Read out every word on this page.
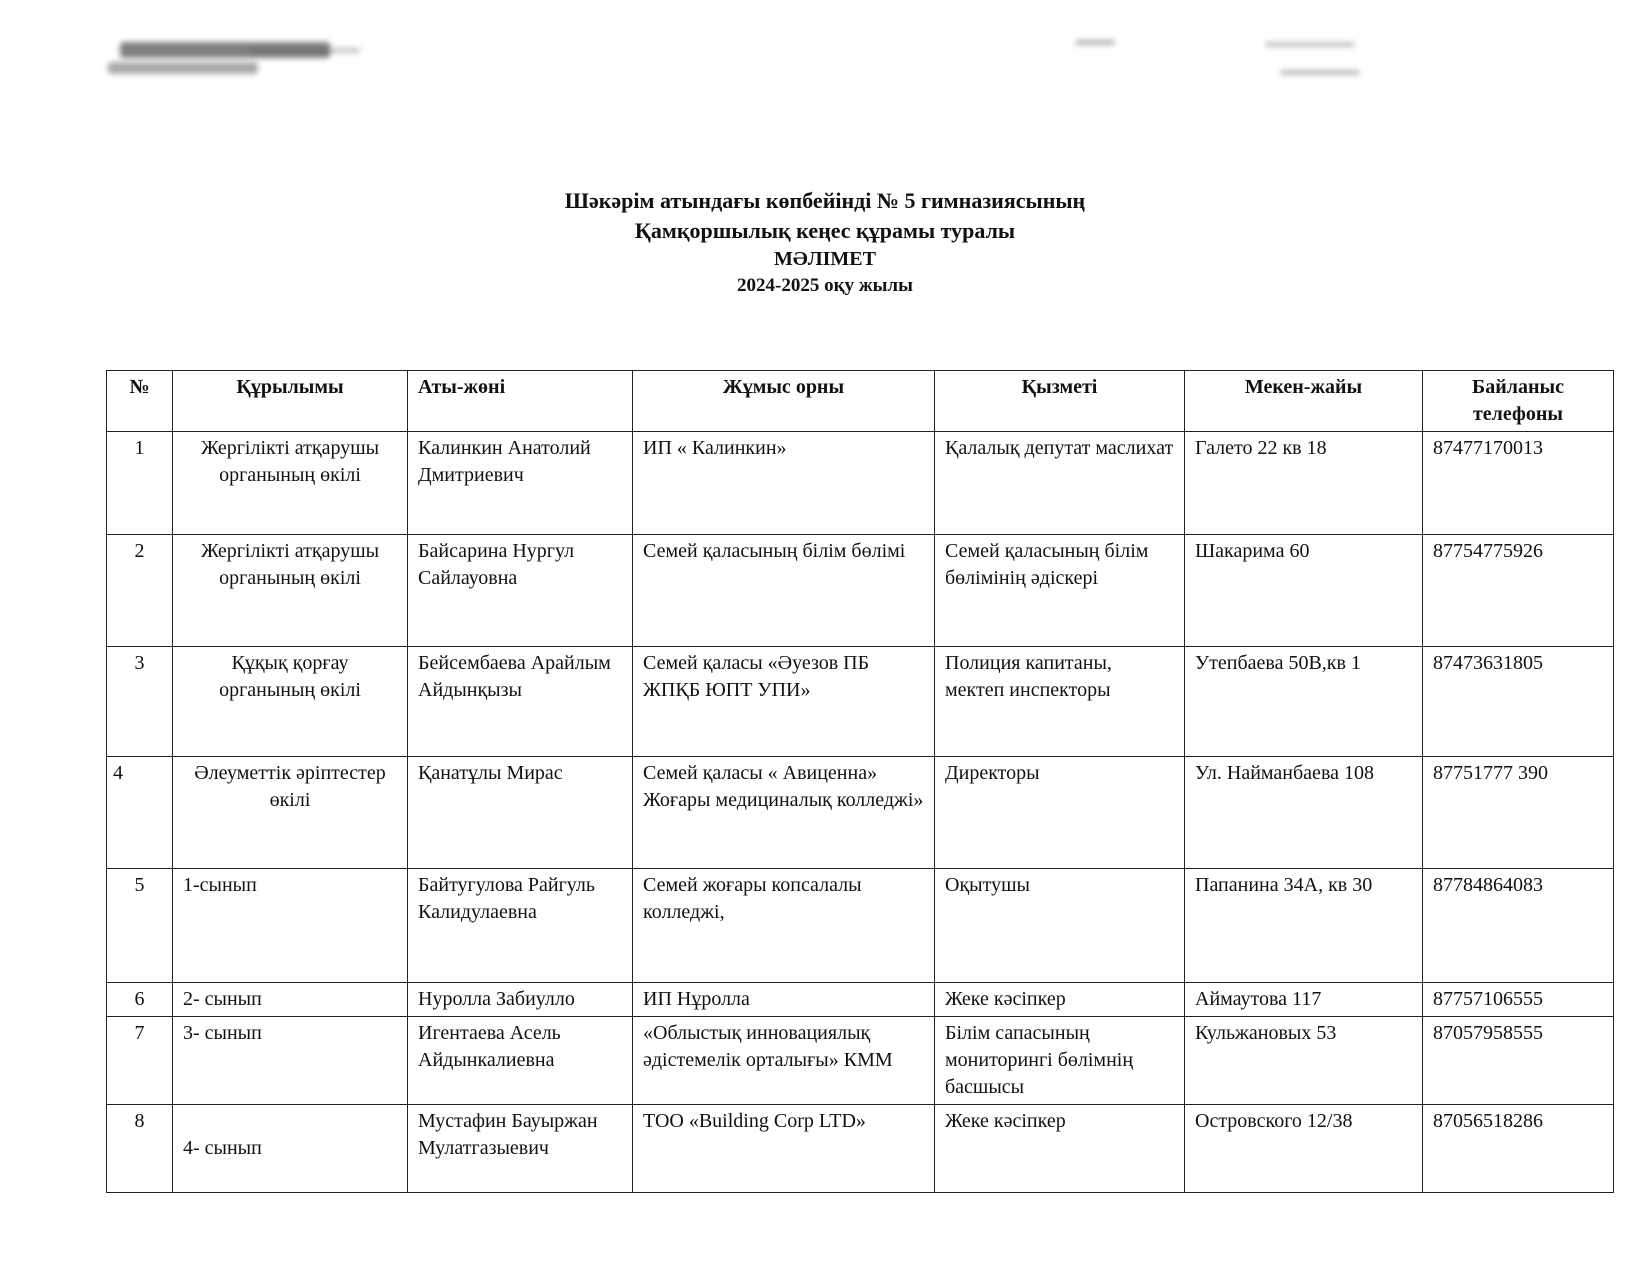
Шәкәрім атындағы көпбейінді № 5 гимназиясының
Қамқоршылық кеңес құрамы туралы
МӘЛІМЕТ
2024-2025 оқу жылы
№	Құрылымы	Аты-жөні	Жұмыс орны	Қызметі	Мекен-жайы	Байланыс телефоны
1	Жергілікті атқарушы органының өкілі	Калинкин Анатолий Дмитриевич	ИП « Калинкин»	Қалалық депутат маслихат	Галето 22 кв 18	87477170013
2	Жергілікті атқарушы органының өкілі	Байсарина Нургул Сайлауовна	Семей қаласының білім бөлімі	Семей қаласының білім бөлімінің әдіскері	Шакарима 60	87754775926
3	Құқық қорғау органының өкілі	Бейсембаева Арайлым Айдынқызы	Семей қаласы «Әуезов ПБ ЖПҚБ ЮПТ УПИ»	Полиция капитаны, мектеп инспекторы	Утепбаева 50В,кв 1	87473631805
4	Әлеуметтік әріптестер өкілі	Қанатұлы Мирас	Семей қаласы « Авиценна» Жоғары медициналық колледжі»	Директоры	Ул. Найманбаева 108	87751777 390
5	1-сынып	Байтугулова Райгуль Калидулаевна	Семей жоғары копсалалы колледжі,	Оқытушы	Папанина 34А, кв 30	87784864083
6	2- сынып	Нуролла Забиулло	ИП Нұролла	Жеке кәсіпкер	Аймаутова 117	87757106555
7	3- сынып	Игентаева Асель Айдынкалиевна	«Облыстық инновациялық әдістемелік орталығы» КММ	Білім сапасының мониторингі бөлімнің басшысы	Кульжановых 53	87057958555
8	4- сынып	Мустафин Бауыржан Мулатгазыевич	ТОО «Building Corp LTD»	Жеке кәсіпкер	Островского 12/38	87056518286
